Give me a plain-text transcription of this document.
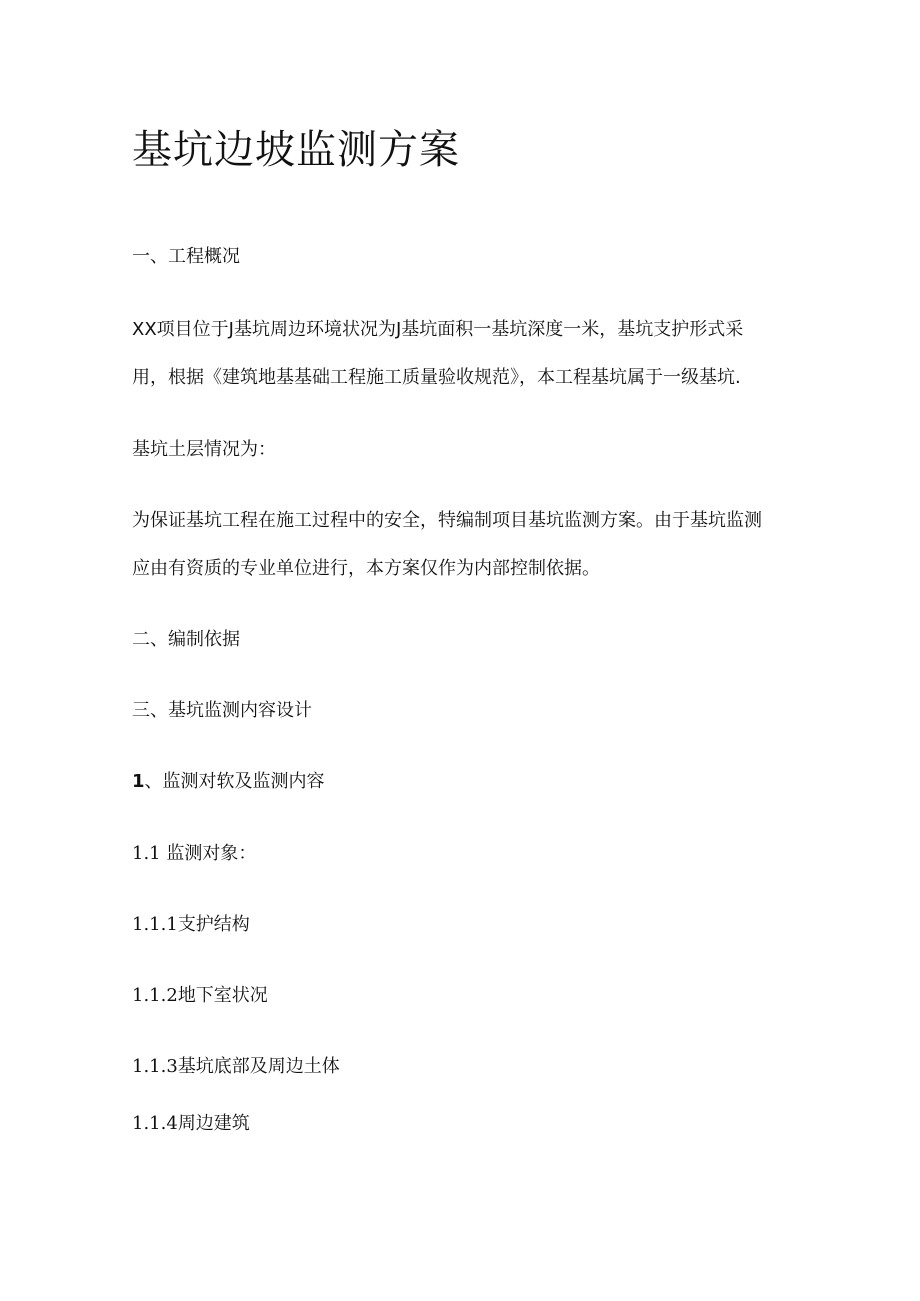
基坑边坡监测方案
一、工程概况
XX项目位于J基坑周边环境状况为J基坑面积一基坑深度一米，基坑支护形式采
用，根据《建筑地基基础工程施工质量验收规范》，本工程基坑属于一级基坑.
基坑土层情况为：
为保证基坑工程在施工过程中的安全，特编制项目基坑监测方案。由于基坑监测
应由有资质的专业单位进行，本方案仅作为内部控制依据。
二、编制依据
三、基坑监测内容设计
1、监测对软及监测内容
1.1 监测对象：
1.1.1支护结构
1.1.2地下室状况
1.1.3基坑底部及周边土体
1.1.4周边建筑
